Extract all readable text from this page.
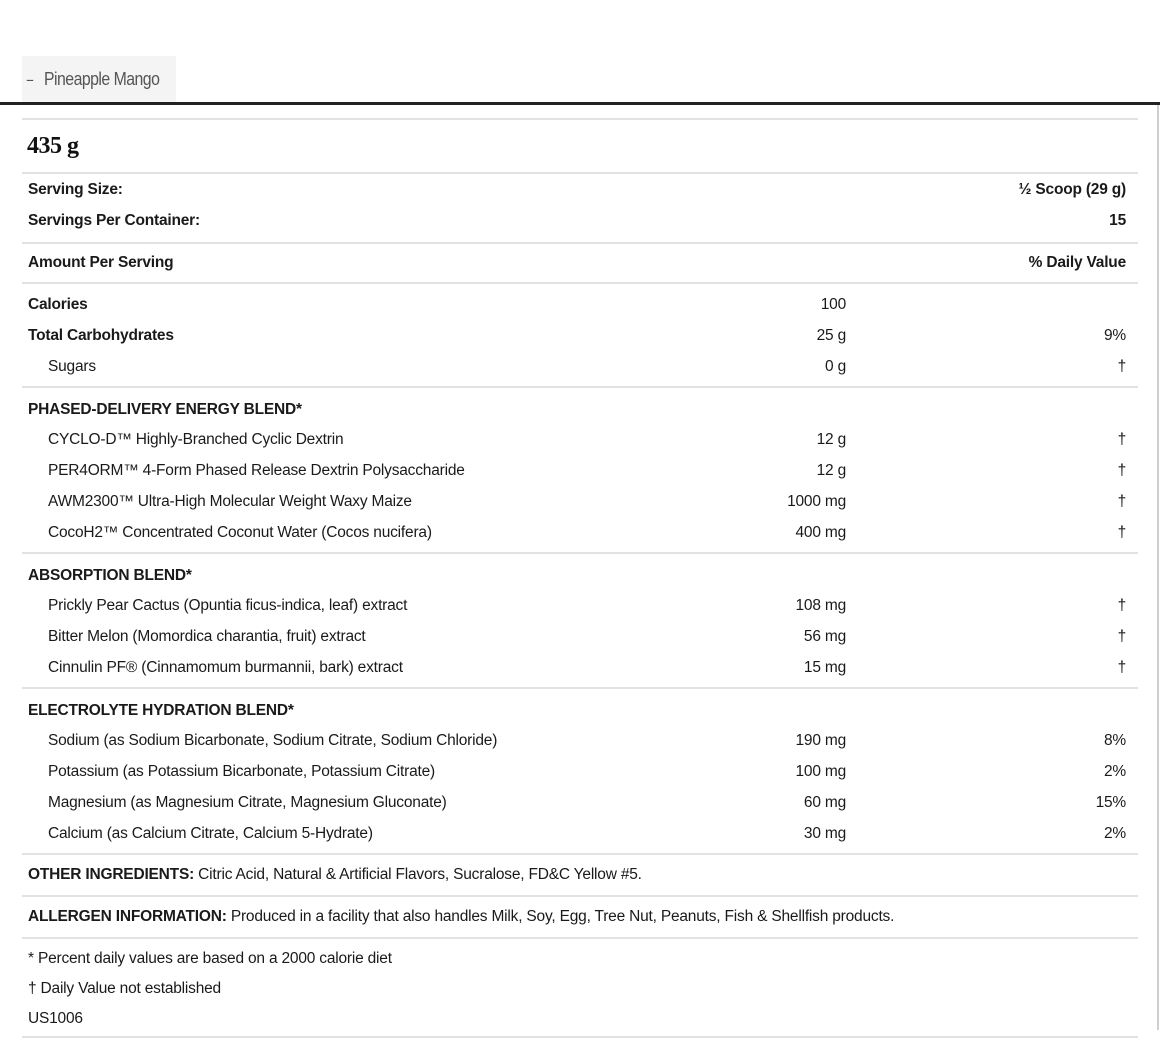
– Pineapple Mango
435 g
Serving Size:	½ Scoop (29 g)
Servings Per Container:	15
Amount Per Serving	% Daily Value
Calories	100
Total Carbohydrates	25 g	9%
Sugars	0 g	†
PHASED-DELIVERY ENERGY BLEND*
CYCLO-D™ Highly-Branched Cyclic Dextrin	12 g	†
PER4ORM™ 4-Form Phased Release Dextrin Polysaccharide	12 g	†
AWM2300™ Ultra-High Molecular Weight Waxy Maize	1000 mg	†
CocoH2™ Concentrated Coconut Water (Cocos nucifera)	400 mg	†
ABSORPTION BLEND*
Prickly Pear Cactus (Opuntia ficus-indica, leaf) extract	108 mg	†
Bitter Melon (Momordica charantia, fruit) extract	56 mg	†
Cinnulin PF® (Cinnamomum burmannii, bark) extract	15 mg	†
ELECTROLYTE HYDRATION BLEND*
Sodium (as Sodium Bicarbonate, Sodium Citrate, Sodium Chloride)	190 mg	8%
Potassium (as Potassium Bicarbonate, Potassium Citrate)	100 mg	2%
Magnesium (as Magnesium Citrate, Magnesium Gluconate)	60 mg	15%
Calcium (as Calcium Citrate, Calcium 5-Hydrate)	30 mg	2%
OTHER INGREDIENTS: Citric Acid, Natural & Artificial Flavors, Sucralose, FD&C Yellow #5.
ALLERGEN INFORMATION: Produced in a facility that also handles Milk, Soy, Egg, Tree Nut, Peanuts, Fish & Shellfish products.
* Percent daily values are based on a 2000 calorie diet
† Daily Value not established
US1006
